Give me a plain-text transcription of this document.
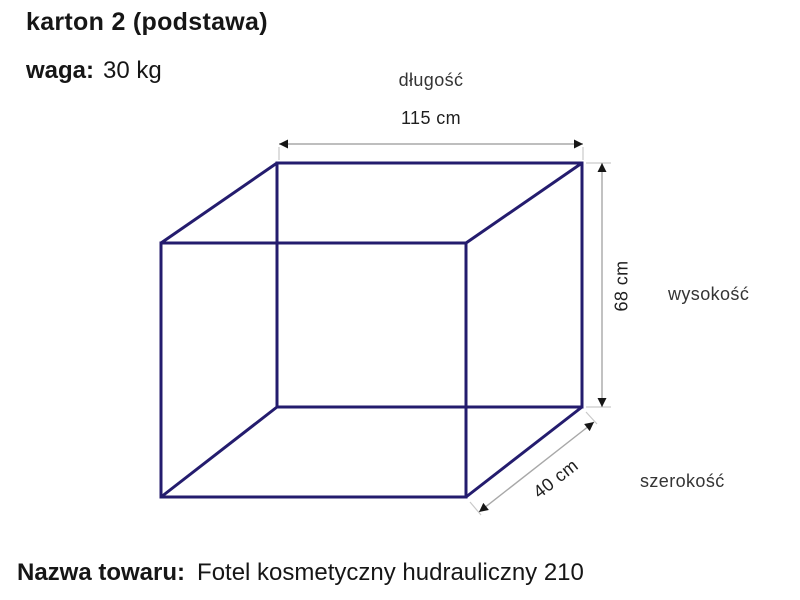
karton 2 (podstawa)
waga: 30 kg	długość
115 cm
68 cm wysokość
40 cm	szerokość
Nazwa towaru: Fotel kosmetyczny hudrauliczny 210
